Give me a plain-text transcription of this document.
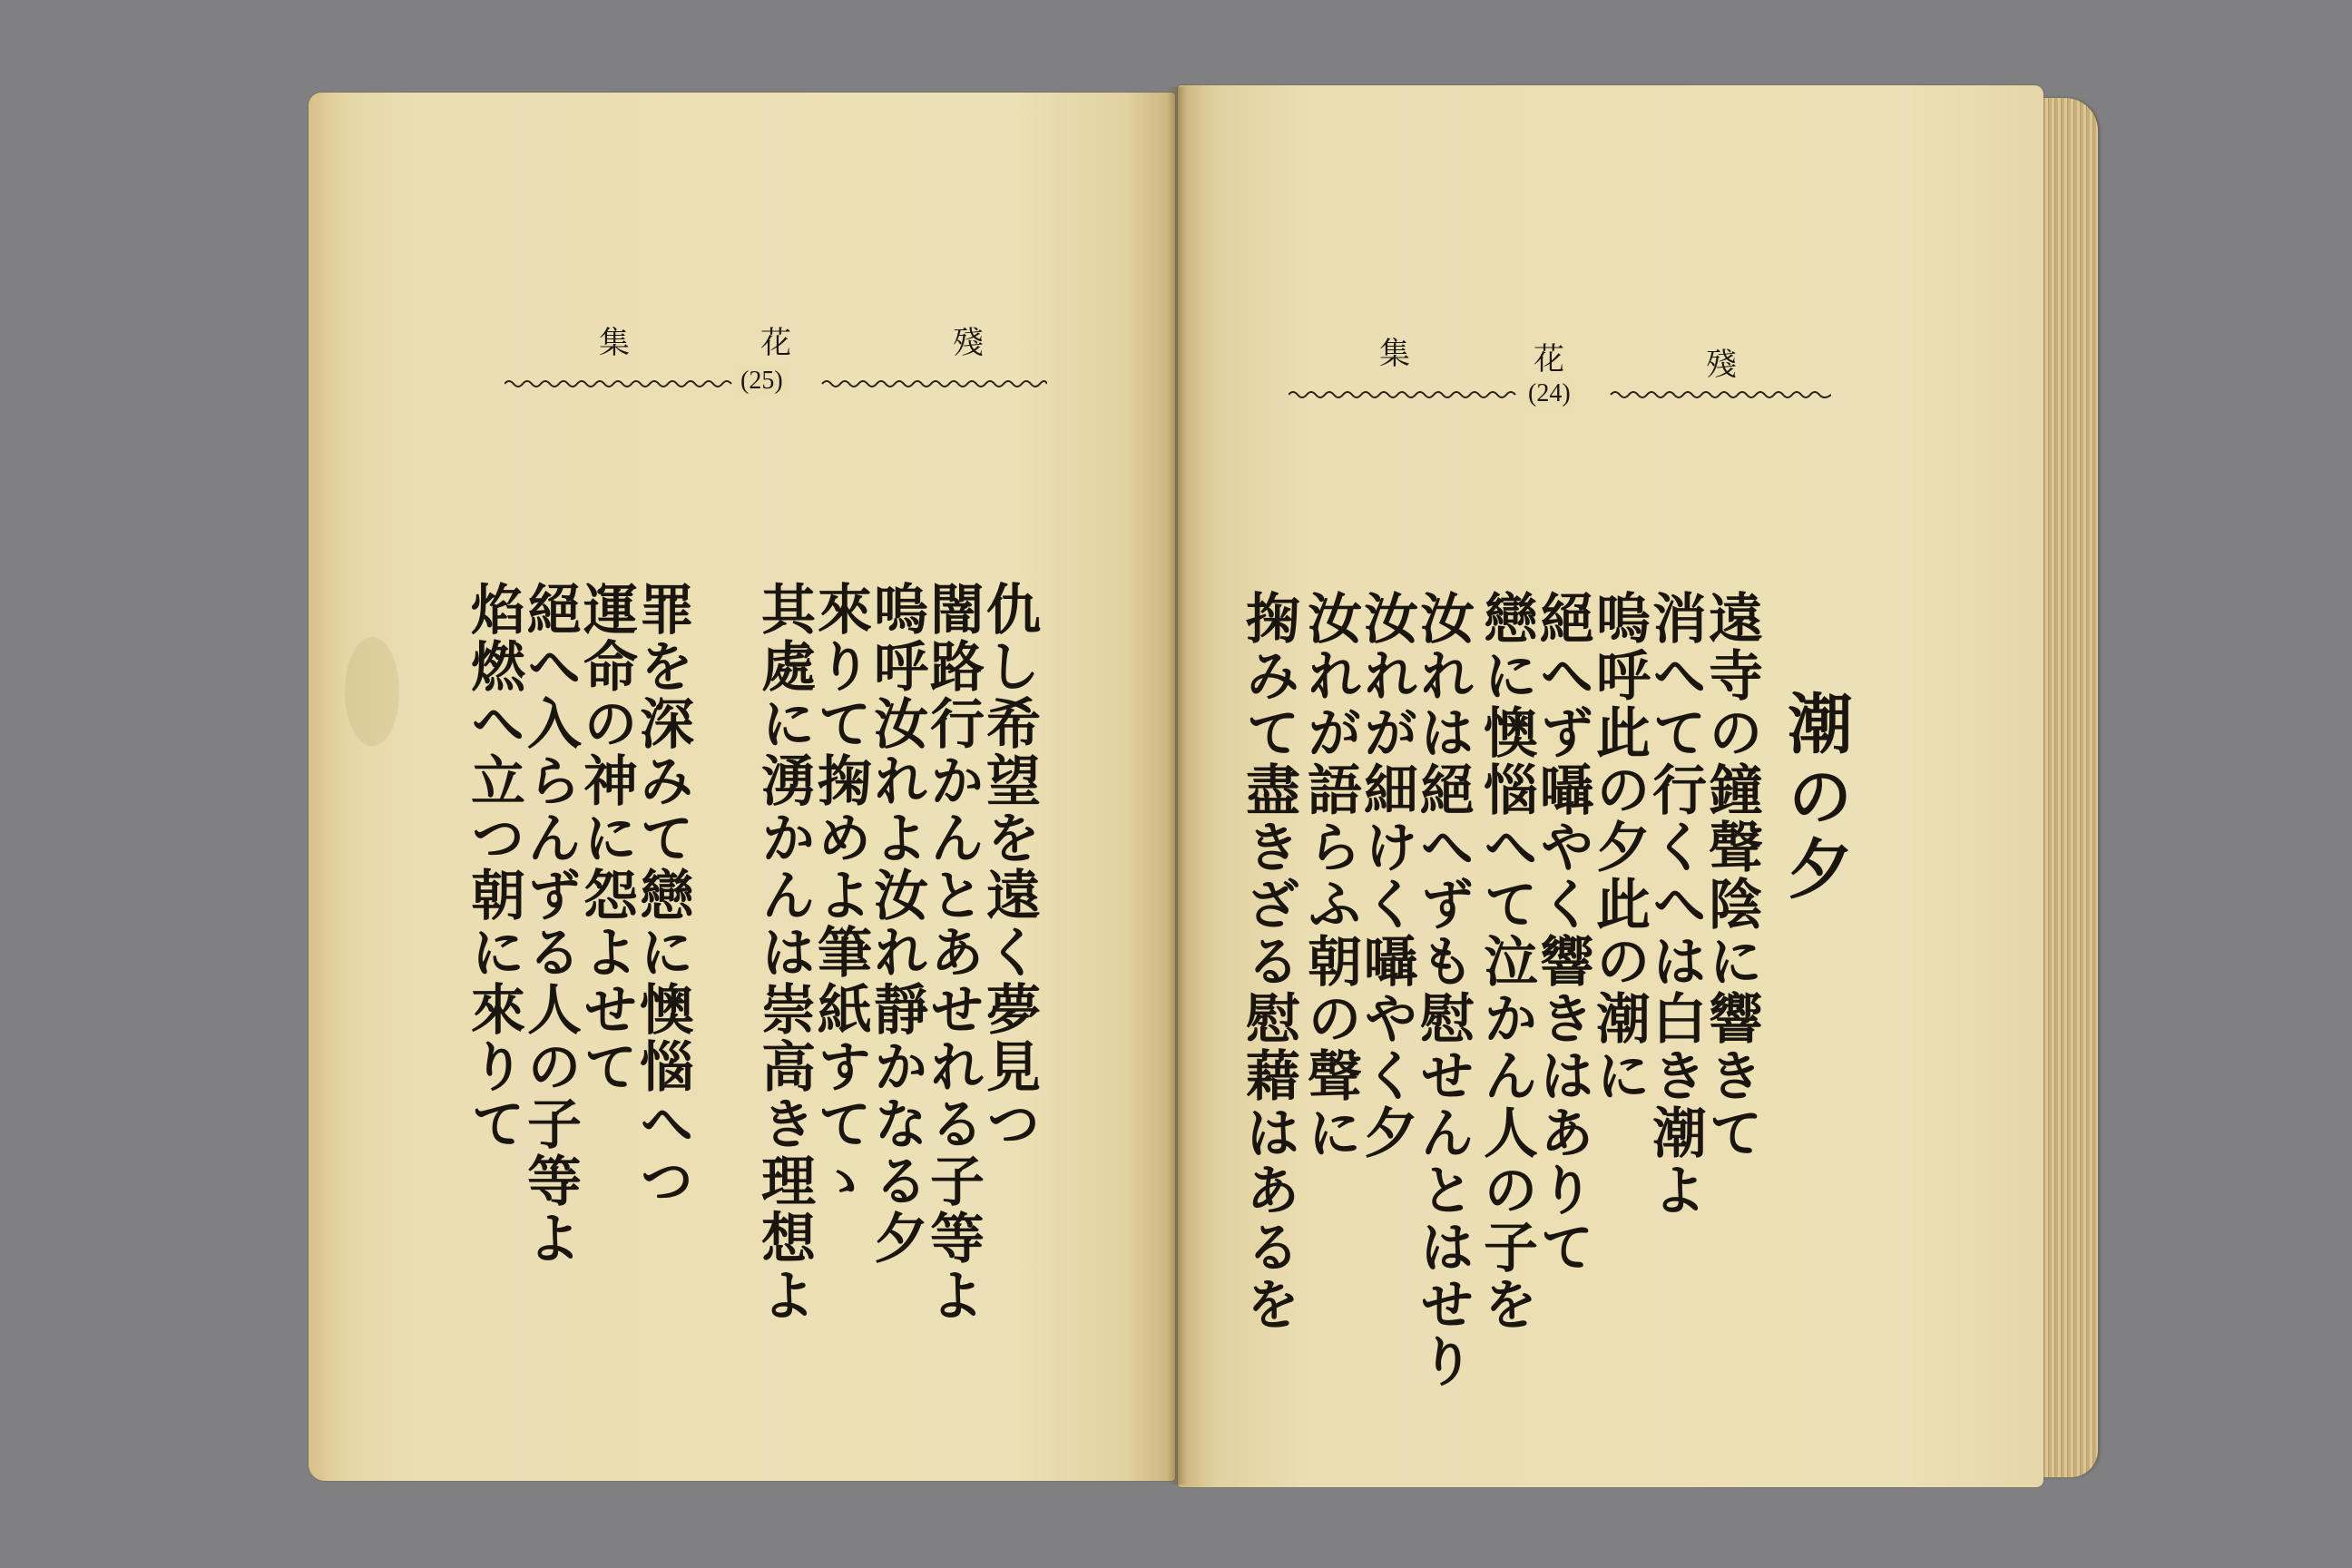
殘
花
集
(25)
仇し希望を遠く夢見つ
闇路行かんとあせれる子等よ
嗚呼汝れよ汝れ靜かなる夕
來りて掬めよ筆紙すてゝ
其處に湧かんは崇高き理想よ
罪を深みて戀に懊惱へつ
運命の神に怨よせて
絕へ入らんずる人の子等よ
焰燃へ立つ朝に來りて
殘
花
集
(24)
潮の夕
遠寺の鐘聲陰に響きて
消へて行くへは白き潮よ
嗚呼此の夕此の潮に
絕へず囁やく響きはありて
戀に懊惱へて泣かん人の子を
汝れは絕へずも慰せんとはせり
汝れが細けく囁やく夕
汝れが語らふ朝の聲に
掬みて盡きざる慰藉はあるを
